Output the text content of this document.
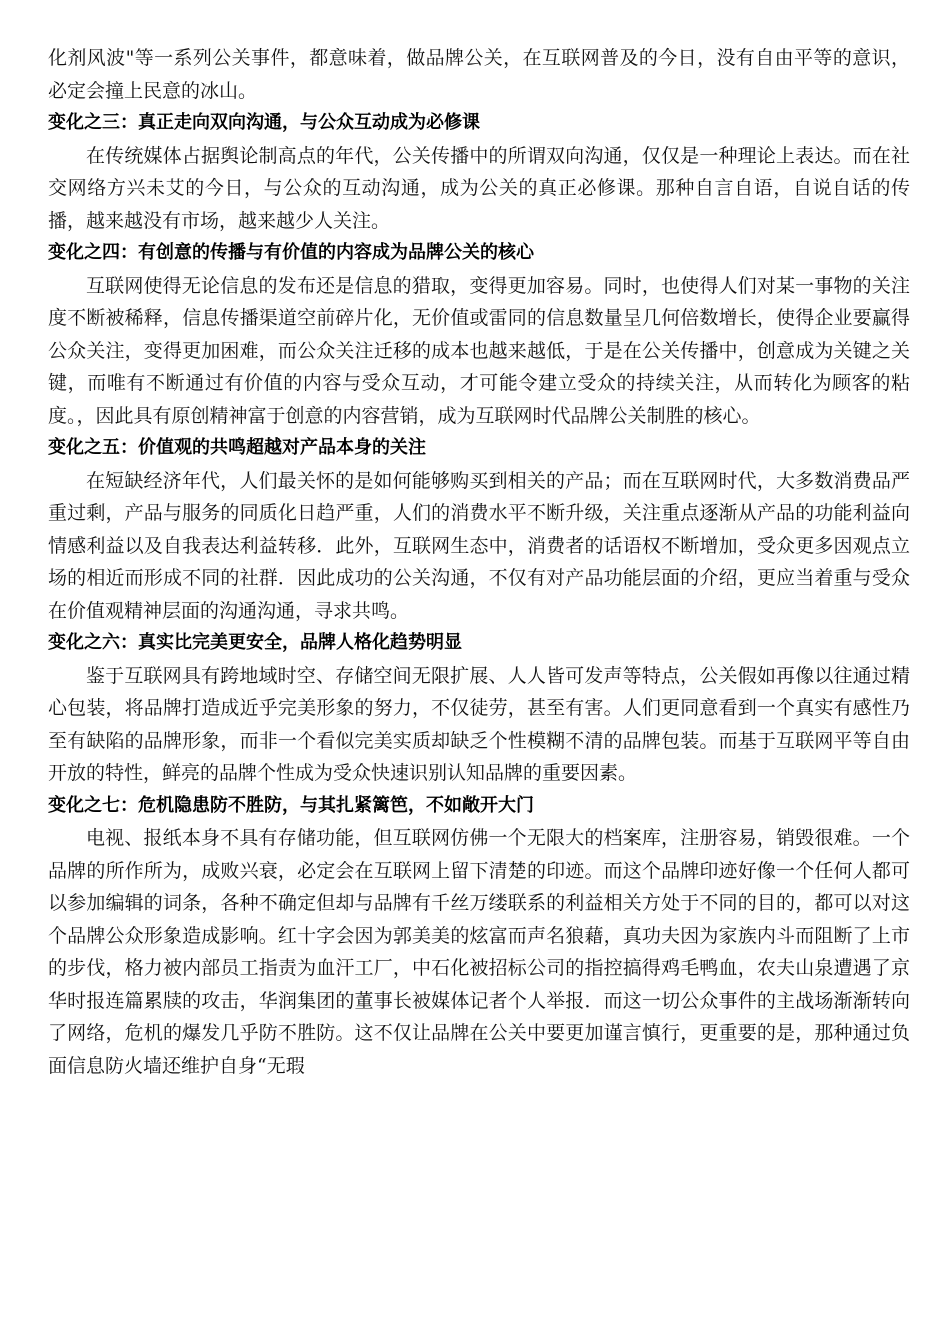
化剂风波"等一系列公关事件，都意味着，做品牌公关，在互联网普及的今日，没有自由平等的意识，必定会撞上民意的冰山。

变化之三：真正走向双向沟通，与公众互动成为必修课

在传统媒体占据舆论制高点的年代，公关传播中的所谓双向沟通，仅仅是一种理论上表达。而在社交网络方兴未艾的今日，与公众的互动沟通，成为公关的真正必修课。那种自言自语，自说自话的传播，越来越没有市场，越来越少人关注。

变化之四：有创意的传播与有价值的内容成为品牌公关的核心

互联网使得无论信息的发布还是信息的猎取，变得更加容易。同时，也使得人们对某一事物的关注度不断被稀释，信息传播渠道空前碎片化，无价值或雷同的信息数量呈几何倍数增长，使得企业要赢得公众关注，变得更加困难，而公众关注迁移的成本也越来越低，于是在公关传播中，创意成为关键之关键，而唯有不断通过有价值的内容与受众互动，才可能令建立受众的持续关注，从而转化为顾客的粘度。，因此具有原创精神富于创意的内容营销，成为互联网时代品牌公关制胜的核心。

变化之五：价值观的共鸣超越对产品本身的关注

在短缺经济年代，人们最关怀的是如何能够购买到相关的产品；而在互联网时代，大多数消费品严重过剩，产品与服务的同质化日趋严重，人们的消费水平不断升级，关注重点逐渐从产品的功能利益向情感利益以及自我表达利益转移．此外，互联网生态中，消费者的话语权不断增加，受众更多因观点立场的相近而形成不同的社群．因此成功的公关沟通，不仅有对产品功能层面的介绍，更应当着重与受众在价值观精神层面的沟通沟通，寻求共鸣。

变化之六：真实比完美更安全，品牌人格化趋势明显

鉴于互联网具有跨地域时空、存储空间无限扩展、人人皆可发声等特点，公关假如再像以往通过精心包装，将品牌打造成近乎完美形象的努力，不仅徒劳，甚至有害。人们更同意看到一个真实有感性乃至有缺陷的品牌形象，而非一个看似完美实质却缺乏个性模糊不清的品牌包装。而基于互联网平等自由开放的特性，鲜亮的品牌个性成为受众快速识别认知品牌的重要因素。

变化之七：危机隐患防不胜防，与其扎紧篱笆，不如敞开大门

电视、报纸本身不具有存储功能，但互联网仿佛一个无限大的档案库，注册容易，销毁很难。一个品牌的所作所为，成败兴衰，必定会在互联网上留下清楚的印迹。而这个品牌印迹好像一个任何人都可以参加编辑的词条，各种不确定但却与品牌有千丝万缕联系的利益相关方处于不同的目的，都可以对这个品牌公众形象造成影响。红十字会因为郭美美的炫富而声名狼藉，真功夫因为家族内斗而阻断了上市的步伐，格力被内部员工指责为血汗工厂，中石化被招标公司的指控搞得鸡毛鸭血，农夫山泉遭遇了京华时报连篇累牍的攻击，华润集团的董事长被媒体记者个人举报．而这一切公众事件的主战场渐渐转向了网络，危机的爆发几乎防不胜防。这不仅让品牌在公关中要更加谨言慎行，更重要的是，那种通过负面信息防火墙还维护自身“无瑕
